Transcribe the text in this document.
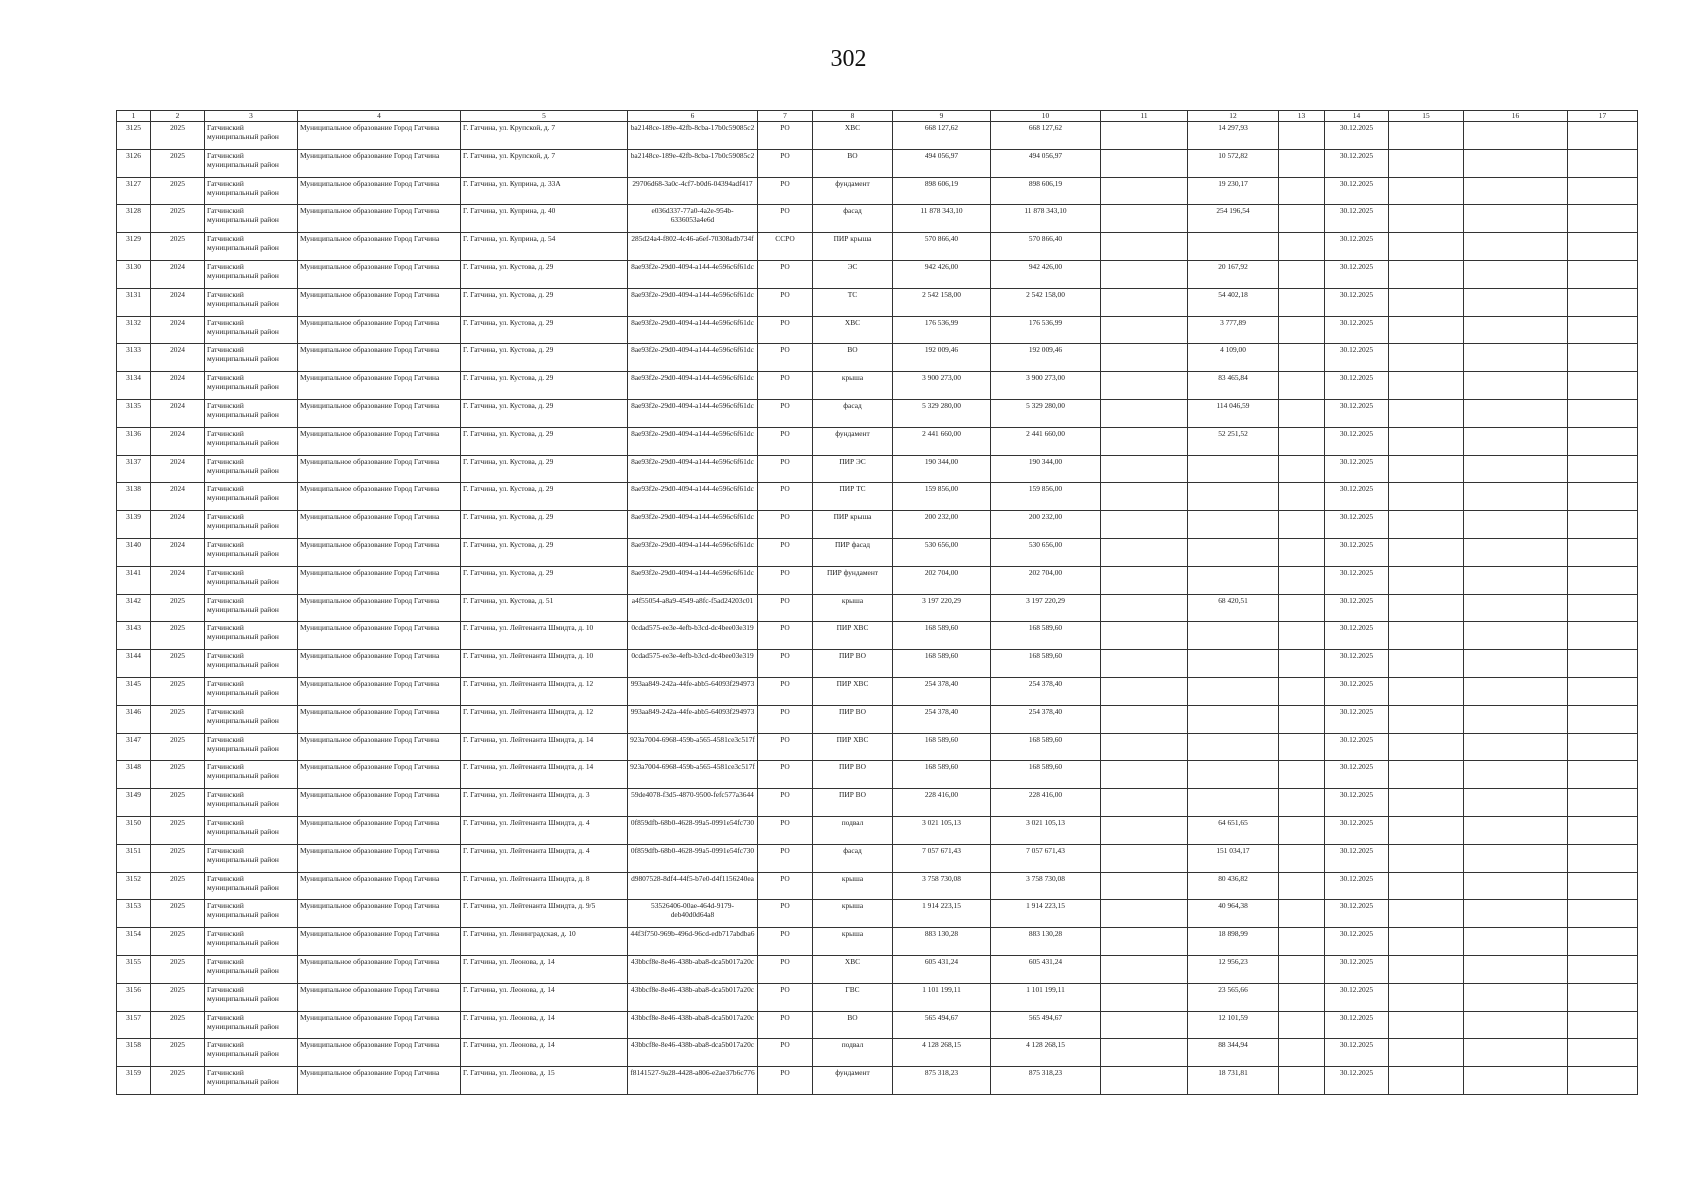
302
1	2	3	4	5	6	7	8	9	10	11	12	13	14	15	16	17
3125	2025	Гатчинский муниципальный район	Муниципальное образование Город Гатчина	Г. Гатчина, ул. Крупской, д. 7	ba2148ce-189e-42fb-8cba-17b0c59085c2	РО	ХВС	668 127,62	668 127,62		14 297,93		30.12.2025			
3126	2025	Гатчинский муниципальный район	Муниципальное образование Город Гатчина	Г. Гатчина, ул. Крупской, д. 7	ba2148ce-189e-42fb-8cba-17b0c59085c2	РО	ВО	494 056,97	494 056,97		10 572,82		30.12.2025			
3127	2025	Гатчинский муниципальный район	Муниципальное образование Город Гатчина	Г. Гатчина, ул. Куприна, д. 33А	29706d68-3a0c-4cf7-b0d6-04394adf417	РО	фундамент	898 606,19	898 606,19		19 230,17		30.12.2025			
3128	2025	Гатчинский муниципальный район	Муниципальное образование Город Гатчина	Г. Гатчина, ул. Куприна, д. 40	e036d337-77a0-4a2e-954b-6336053a4e6d	РО	фасад	11 878 343,10	11 878 343,10		254 196,54		30.12.2025			
3129	2025	Гатчинский муниципальный район	Муниципальное образование Город Гатчина	Г. Гатчина, ул. Куприна, д. 54	285d24a4-f802-4c46-a6ef-70308adb734f	ССРО	ПИР крыша	570 866,40	570 866,40				30.12.2025			
3130	2024	Гатчинский муниципальный район	Муниципальное образование Город Гатчина	Г. Гатчина, ул. Кустова, д. 29	8ae93f2e-29d0-4094-a144-4e596c6f61dc	РО	ЭС	942 426,00	942 426,00		20 167,92		30.12.2025			
3131	2024	Гатчинский муниципальный район	Муниципальное образование Город Гатчина	Г. Гатчина, ул. Кустова, д. 29	8ae93f2e-29d0-4094-a144-4e596c6f61dc	РО	ТС	2 542 158,00	2 542 158,00		54 402,18		30.12.2025			
3132	2024	Гатчинский муниципальный район	Муниципальное образование Город Гатчина	Г. Гатчина, ул. Кустова, д. 29	8ae93f2e-29d0-4094-a144-4e596c6f61dc	РО	ХВС	176 536,99	176 536,99		3 777,89		30.12.2025			
3133	2024	Гатчинский муниципальный район	Муниципальное образование Город Гатчина	Г. Гатчина, ул. Кустова, д. 29	8ae93f2e-29d0-4094-a144-4e596c6f61dc	РО	ВО	192 009,46	192 009,46		4 109,00		30.12.2025			
3134	2024	Гатчинский муниципальный район	Муниципальное образование Город Гатчина	Г. Гатчина, ул. Кустова, д. 29	8ae93f2e-29d0-4094-a144-4e596c6f61dc	РО	крыша	3 900 273,00	3 900 273,00		83 465,84		30.12.2025			
3135	2024	Гатчинский муниципальный район	Муниципальное образование Город Гатчина	Г. Гатчина, ул. Кустова, д. 29	8ae93f2e-29d0-4094-a144-4e596c6f61dc	РО	фасад	5 329 280,00	5 329 280,00		114 046,59		30.12.2025			
3136	2024	Гатчинский муниципальный район	Муниципальное образование Город Гатчина	Г. Гатчина, ул. Кустова, д. 29	8ae93f2e-29d0-4094-a144-4e596c6f61dc	РО	фундамент	2 441 660,00	2 441 660,00		52 251,52		30.12.2025			
3137	2024	Гатчинский муниципальный район	Муниципальное образование Город Гатчина	Г. Гатчина, ул. Кустова, д. 29	8ae93f2e-29d0-4094-a144-4e596c6f61dc	РО	ПИР ЭС	190 344,00	190 344,00				30.12.2025			
3138	2024	Гатчинский муниципальный район	Муниципальное образование Город Гатчина	Г. Гатчина, ул. Кустова, д. 29	8ae93f2e-29d0-4094-a144-4e596c6f61dc	РО	ПИР ТС	159 856,00	159 856,00				30.12.2025			
3139	2024	Гатчинский муниципальный район	Муниципальное образование Город Гатчина	Г. Гатчина, ул. Кустова, д. 29	8ae93f2e-29d0-4094-a144-4e596c6f61dc	РО	ПИР крыша	200 232,00	200 232,00				30.12.2025			
3140	2024	Гатчинский муниципальный район	Муниципальное образование Город Гатчина	Г. Гатчина, ул. Кустова, д. 29	8ae93f2e-29d0-4094-a144-4e596c6f61dc	РО	ПИР фасад	530 656,00	530 656,00				30.12.2025			
3141	2024	Гатчинский муниципальный район	Муниципальное образование Город Гатчина	Г. Гатчина, ул. Кустова, д. 29	8ae93f2e-29d0-4094-a144-4e596c6f61dc	РО	ПИР фундамент	202 704,00	202 704,00				30.12.2025			
3142	2025	Гатчинский муниципальный район	Муниципальное образование Город Гатчина	Г. Гатчина, ул. Кустова, д. 51	a4f55054-a8a9-4549-a8fc-f5ad24203c01	РО	крыша	3 197 220,29	3 197 220,29		68 420,51		30.12.2025			
3143	2025	Гатчинский муниципальный район	Муниципальное образование Город Гатчина	Г. Гатчина, ул. Лейтенанта Шмидта, д. 10	0cdad575-ee3e-4efb-b3cd-dc4bee03e319	РО	ПИР ХВС	168 589,60	168 589,60				30.12.2025			
3144	2025	Гатчинский муниципальный район	Муниципальное образование Город Гатчина	Г. Гатчина, ул. Лейтенанта Шмидта, д. 10	0cdad575-ee3e-4efb-b3cd-dc4bee03e319	РО	ПИР ВО	168 589,60	168 589,60				30.12.2025			
3145	2025	Гатчинский муниципальный район	Муниципальное образование Город Гатчина	Г. Гатчина, ул. Лейтенанта Шмидта, д. 12	993aa849-242a-44fe-abb5-64093f294973	РО	ПИР ХВС	254 378,40	254 378,40				30.12.2025			
3146	2025	Гатчинский муниципальный район	Муниципальное образование Город Гатчина	Г. Гатчина, ул. Лейтенанта Шмидта, д. 12	993aa849-242a-44fe-abb5-64093f294973	РО	ПИР ВО	254 378,40	254 378,40				30.12.2025			
3147	2025	Гатчинский муниципальный район	Муниципальное образование Город Гатчина	Г. Гатчина, ул. Лейтенанта Шмидта, д. 14	923a7004-6968-459b-a565-4581ce3c517f	РО	ПИР ХВС	168 589,60	168 589,60				30.12.2025			
3148	2025	Гатчинский муниципальный район	Муниципальное образование Город Гатчина	Г. Гатчина, ул. Лейтенанта Шмидта, д. 14	923a7004-6968-459b-a565-4581ce3c517f	РО	ПИР ВО	168 589,60	168 589,60				30.12.2025			
3149	2025	Гатчинский муниципальный район	Муниципальное образование Город Гатчина	Г. Гатчина, ул. Лейтенанта Шмидта, д. 3	59de4078-f3d5-4870-9500-fefc577a3644	РО	ПИР ВО	228 416,00	228 416,00				30.12.2025			
3150	2025	Гатчинский муниципальный район	Муниципальное образование Город Гатчина	Г. Гатчина, ул. Лейтенанта Шмидта, д. 4	0f859dfb-68b0-4628-99a5-0991e54fc730	РО	подвал	3 021 105,13	3 021 105,13		64 651,65		30.12.2025			
3151	2025	Гатчинский муниципальный район	Муниципальное образование Город Гатчина	Г. Гатчина, ул. Лейтенанта Шмидта, д. 4	0f859dfb-68b0-4628-99a5-0991e54fc730	РО	фасад	7 057 671,43	7 057 671,43		151 034,17		30.12.2025			
3152	2025	Гатчинский муниципальный район	Муниципальное образование Город Гатчина	Г. Гатчина, ул. Лейтенанта Шмидта, д. 8	d9807528-8df4-44f5-b7e0-d4f1156240ea	РО	крыша	3 758 730,08	3 758 730,08		80 436,82		30.12.2025			
3153	2025	Гатчинский муниципальный район	Муниципальное образование Город Гатчина	Г. Гатчина, ул. Лейтенанта Шмидта, д. 9/5	53526406-00ae-464d-9179-deb40d0d64a8	РО	крыша	1 914 223,15	1 914 223,15		40 964,38		30.12.2025			
3154	2025	Гатчинский муниципальный район	Муниципальное образование Город Гатчина	Г. Гатчина, ул. Ленинградская, д. 10	44f3f750-969b-496d-96cd-edb717abdba6	РО	крыша	883 130,28	883 130,28		18 898,99		30.12.2025			
3155	2025	Гатчинский муниципальный район	Муниципальное образование Город Гатчина	Г. Гатчина, ул. Леонова, д. 14	43bbcf8e-8e46-438b-aba8-dca5b017a20c	РО	ХВС	605 431,24	605 431,24		12 956,23		30.12.2025			
3156	2025	Гатчинский муниципальный район	Муниципальное образование Город Гатчина	Г. Гатчина, ул. Леонова, д. 14	43bbcf8e-8e46-438b-aba8-dca5b017a20c	РО	ГВС	1 101 199,11	1 101 199,11		23 565,66		30.12.2025			
3157	2025	Гатчинский муниципальный район	Муниципальное образование Город Гатчина	Г. Гатчина, ул. Леонова, д. 14	43bbcf8e-8e46-438b-aba8-dca5b017a20c	РО	ВО	565 494,67	565 494,67		12 101,59		30.12.2025			
3158	2025	Гатчинский муниципальный район	Муниципальное образование Город Гатчина	Г. Гатчина, ул. Леонова, д. 14	43bbcf8e-8e46-438b-aba8-dca5b017a20c	РО	подвал	4 128 268,15	4 128 268,15		88 344,94		30.12.2025			
3159	2025	Гатчинский муниципальный район	Муниципальное образование Город Гатчина	Г. Гатчина, ул. Леонова, д. 15	f8141527-9a28-4428-a806-e2ae37b6c776	РО	фундамент	875 318,23	875 318,23		18 731,81		30.12.2025			
